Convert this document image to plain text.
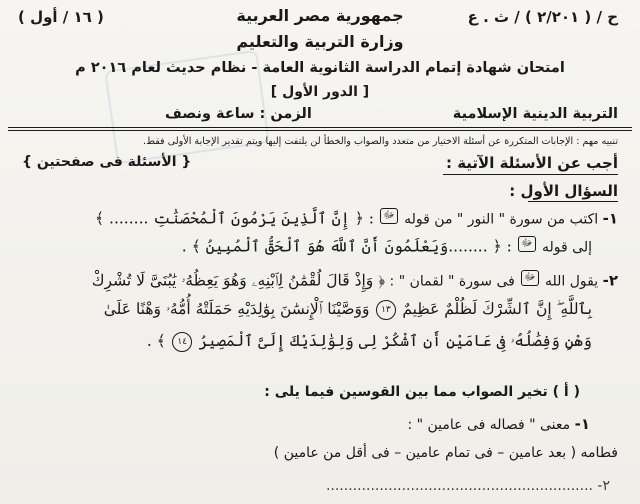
ح / ( ٢/٢٠١ ) / ث . ع
( ١٦ / أول )	جمهورية مصر العربية
وزارة التربية والتعليم
امتحان شهادة إتمام الدراسة الثانوية العامة - نظام حديث لعام ٢٠١٦ م
[ الدور الأول ]
التربية الدينية الإسلامية
الزمن : ساعة ونصف
تنبيه مهم : الإجابات المتكررة عن أسئلة الاختيار من متعدد والصواب والخطأ لن يلتفت إليها ويتم تقدير الإجابة الأولى فقط.
أجب عن الأسئلة الآتية :
{ الأسئلة فى صفحتين }
السؤال الأول :
١- اكتب من سورة " النور " من قوله ﷻ : ﴿ إِنَّ ٱلَّذِينَ يَرْمُونَ ٱلْمُحْصَنَٰتِ ........ ﴾
إلى قوله ﷻ : ﴿ ........وَيَعْلَمُونَ أَنَّ ٱللَّهَ هُوَ ٱلْحَقُّ ٱلْمُبِينُ ﴾ .
٢- يقول الله ﷻ فى سورة " لقمان " : ﴿ وَإِذْ قَالَ لُقْمَٰنُ لِٱبْنِهِۦ وَهُوَ يَعِظُهُۥ يَٰبُنَىَّ لَا تُشْرِكْ
بِٱللَّهِ ۖ إِنَّ ٱلشِّرْكَ لَظُلْمٌ عَظِيمٌ ١٣ وَوَصَّيْنَا ٱلْإِنسَٰنَ بِوَٰلِدَيْهِ حَمَلَتْهُ أُمُّهُۥ وَهْنًا عَلَىٰ
وَهْنٍ وَفِصَٰلُهُۥ فِى عَامَيْنِ أَنِ ٱشْكُرْ لِى وَلِوَٰلِدَيْكَ إِلَىَّ ٱلْمَصِيرُ ١٤ ﴾ .
( أ ) تخير الصواب مما بين القوسين فيما يلى :
١- معنى " فصاله فى عامين " :
فطامه ( بعد عامين – فى تمام عامين – فى أقل من عامين )
٢- ............................................................
